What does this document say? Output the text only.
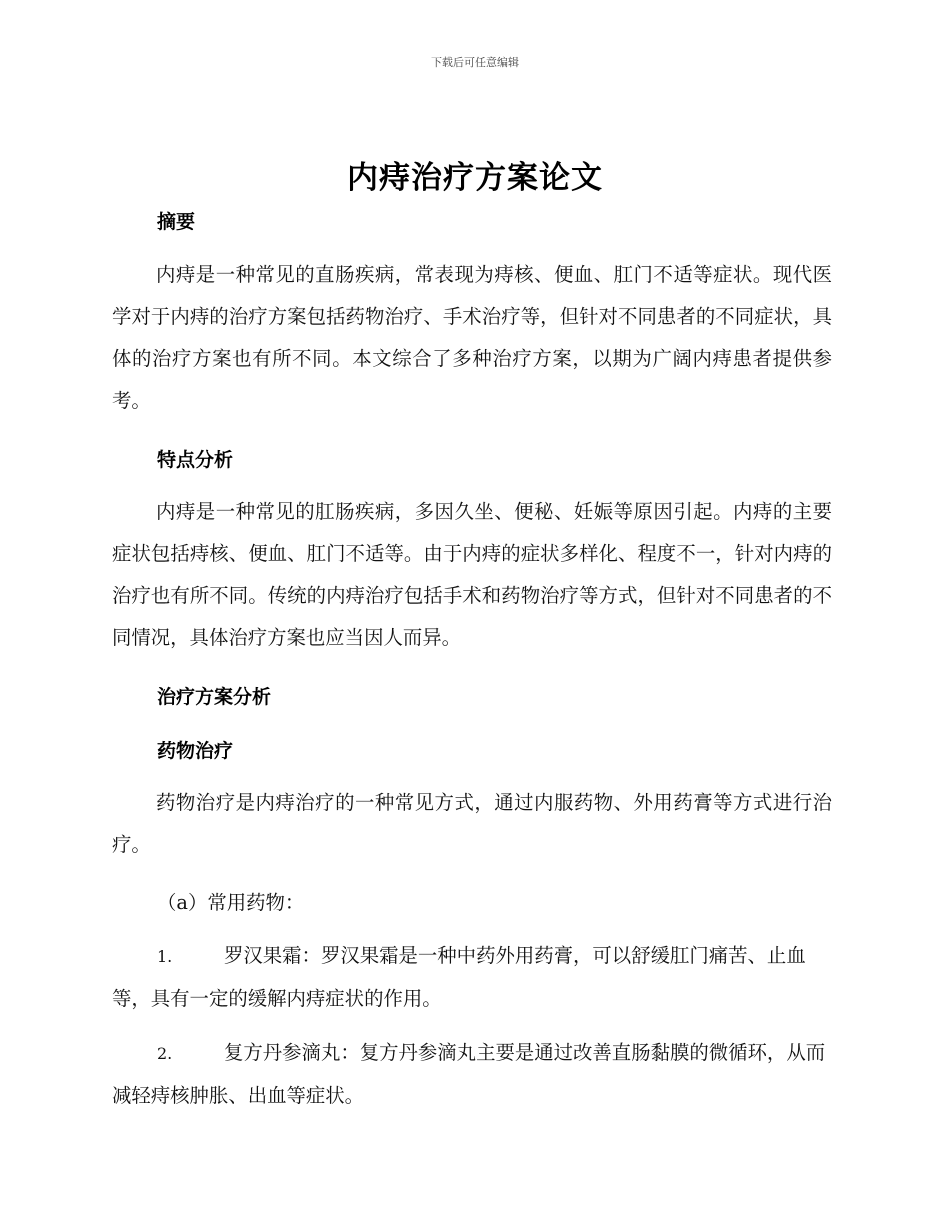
下载后可任意编辑
内痔治疗方案论文
摘要

内痔是一种常见的直肠疾病，常表现为痔核、便血、肛门不适等症状。现代医学对于内痔的治疗方案包括药物治疗、手术治疗等，但针对不同患者的不同症状，具体的治疗方案也有所不同。本文综合了多种治疗方案，以期为广阔内痔患者提供参考。

特点分析

内痔是一种常见的肛肠疾病，多因久坐、便秘、妊娠等原因引起。内痔的主要症状包括痔核、便血、肛门不适等。由于内痔的症状多样化、程度不一，针对内痔的治疗也有所不同。传统的内痔治疗包括手术和药物治疗等方式，但针对不同患者的不同情况，具体治疗方案也应当因人而异。

治疗方案分析
药物治疗

药物治疗是内痔治疗的一种常见方式，通过内服药物、外用药膏等方式进行治疗。

（a）常用药物：
1.	罗汉果霜：罗汉果霜是一种中药外用药膏，可以舒缓肛门痛苦、止血等，具有一定的缓解内痔症状的作用。
2.	复方丹参滴丸：复方丹参滴丸主要是通过改善直肠黏膜的微循环，从而减轻痔核肿胀、出血等症状。
